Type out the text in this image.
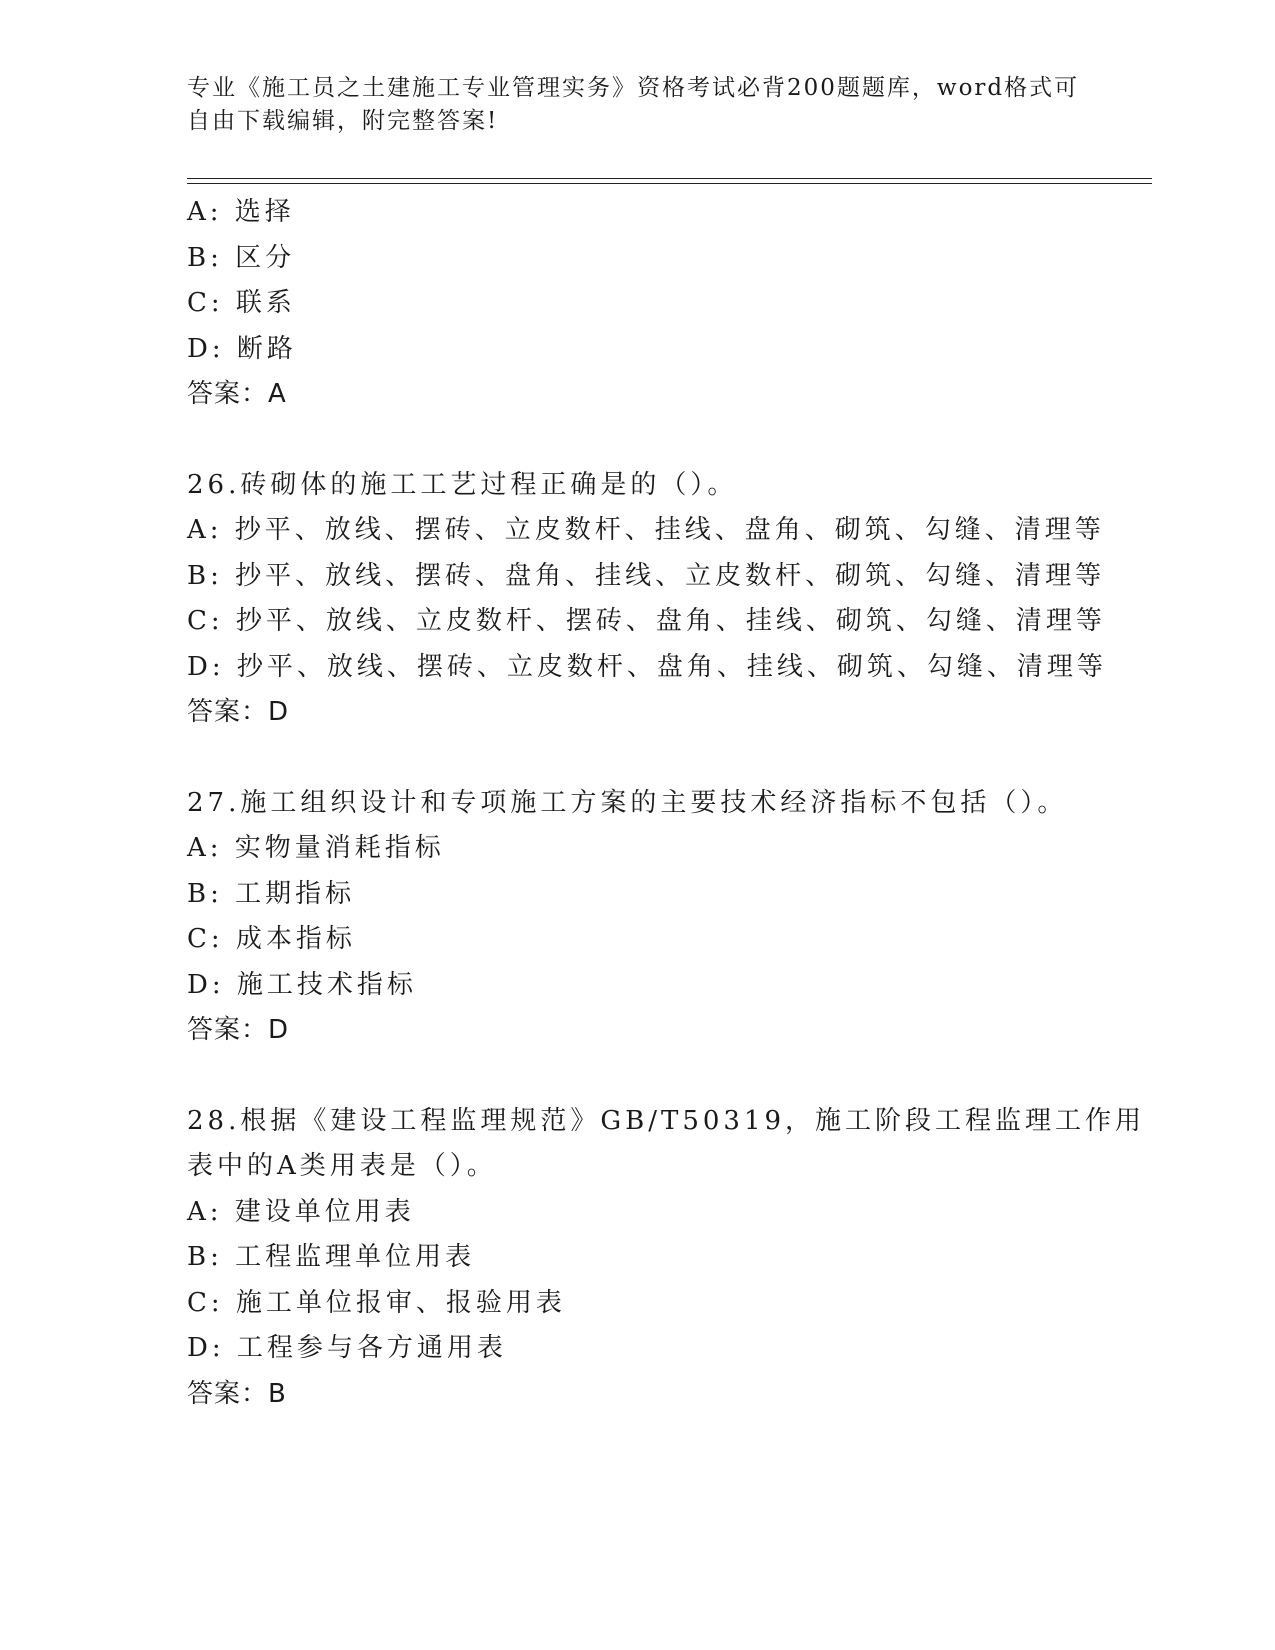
专业《施工员之土建施工专业管理实务》资格考试必背200题题库，word格式可
自由下载编辑，附完整答案!
A: 选择
B: 区分
C: 联系
D: 断路
答案：A
26.砖砌体的施工工艺过程正确是的（）。
A: 抄平、放线、摆砖、立皮数杆、挂线、盘角、砌筑、勾缝、清理等
B: 抄平、放线、摆砖、盘角、挂线、立皮数杆、砌筑、勾缝、清理等
C: 抄平、放线、立皮数杆、摆砖、盘角、挂线、砌筑、勾缝、清理等
D: 抄平、放线、摆砖、立皮数杆、盘角、挂线、砌筑、勾缝、清理等
答案：D
27.施工组织设计和专项施工方案的主要技术经济指标不包括（）。
A: 实物量消耗指标
B: 工期指标
C: 成本指标
D: 施工技术指标
答案：D
28.根据《建设工程监理规范》GB/T50319，施工阶段工程监理工作用
表中的A类用表是（）。
A: 建设单位用表
B: 工程监理单位用表
C: 施工单位报审、报验用表
D: 工程参与各方通用表
答案：B
